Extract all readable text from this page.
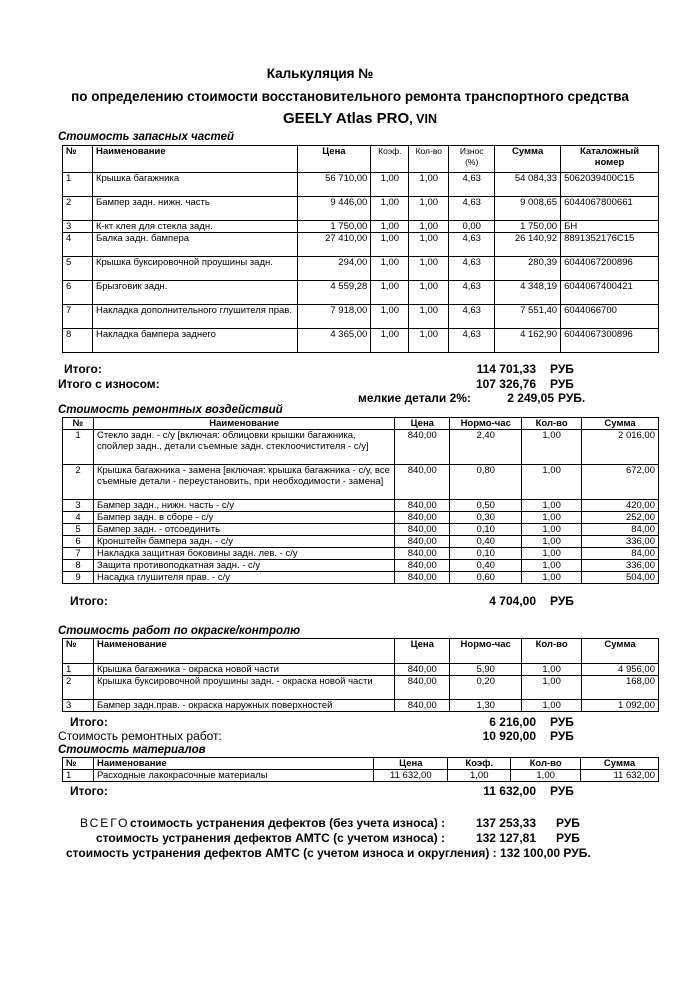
Калькуляция №
по определению стоимости восстановительного ремонта транспортного средства
GEELY Atlas PRO, VIN
Стоимость запасных частей
№	Наименование	Цена	Коэф.	Кол-во	Износ (%)	Сумма	Каталожный номер
1	Крышка багажника	56 710,00	1,00	1,00	4,63	54 084,33	5062039400C15
2	Бампер задн. нижн. часть	9 446,00	1,00	1,00	4,63	9 008,65	6044067800661
3	К-кт клея для стекла задн.	1 750,00	1,00	1,00	0,00	1 750,00	БН
4	Балка задн. бампера	27 410,00	1,00	1,00	4,63	26 140,92	8891352176C15
5	Крышка буксировочной проушины задн.	294,00	1,00	1,00	4,63	280,39	6044067200896
6	Брызговик задн.	4 559,28	1,00	1,00	4,63	4 348,19	6044067400421
7	Накладка дополнительного глушителя прав.	7 918,00	1,00	1,00	4,63	7 551,40	6044066700
8	Накладка бампера заднего	4 365,00	1,00	1,00	4,63	4 162,90	6044067300896
Итого:	114 701,33 РУБ
Итого с износом:	107 326,76 РУБ
мелкие детали 2%:	2 249,05 РУБ.
Стоимость ремонтных воздействий
№	Наименование	Цена	Нормо-час	Кол-во	Сумма
1	Стекло задн. - с/у [включая: облицовки крышки багажника, спойлер задн., детали съемные задн. стеклоочистителя - с/у]	840,00	2,40	1,00	2 016,00
2	Крышка багажника - замена [включая: крышка багажника - с/у, все съемные детали - переустановить, при необходимости - замена]	840,00	0,80	1,00	672,00
3	Бампер задн., нижн. часть - с/у	840,00	0,50	1,00	420,00
4	Бампер задн. в сборе - с/у	840,00	0,30	1,00	252,00
5	Бампер задн. - отсоединить	840,00	0,10	1,00	84,00
6	Кронштейн бампера задн. - с/у	840,00	0,40	1,00	336,00
7	Накладка защитная боковины задн. лев. - с/у	840,00	0,10	1,00	84,00
8	Защита противоподкатная задн. - с/у	840,00	0,40	1,00	336,00
9	Насадка глушителя прав. - с/у	840,00	0,60	1,00	504,00
Итого:	4 704,00 РУБ
Стоимость работ по окраске/контролю
№	Наименование	Цена	Нормо-час	Кол-во	Сумма
1	Крышка багажника - окраска новой части	840,00	5,90	1,00	4 956,00
2	Крышка буксировочной проушины задн. - окраска новой части	840,00	0,20	1,00	168,00
3	Бампер задн.прав. - окраска наружных поверхностей	840,00	1,30	1,00	1 092,00
Итого:	6 216,00 РУБ
Стоимость ремонтных работ:	10 920,00 РУБ
Стоимость материалов
№	Наименование	Цена	Коэф.	Кол-во	Сумма
1	Расходные лакокрасочные материалы	11 632,00	1,00	1,00	11 632,00
Итого:	11 632,00 РУБ
ВСЕГО стоимость устранения дефектов (без учета износа) :	137 253,33 РУБ
стоимость устранения дефектов АМТС (с учетом износа) :	132 127,81 РУБ
стоимость устранения дефектов АМТС (с учетом износа и округления) : 132 100,00 РУБ.
